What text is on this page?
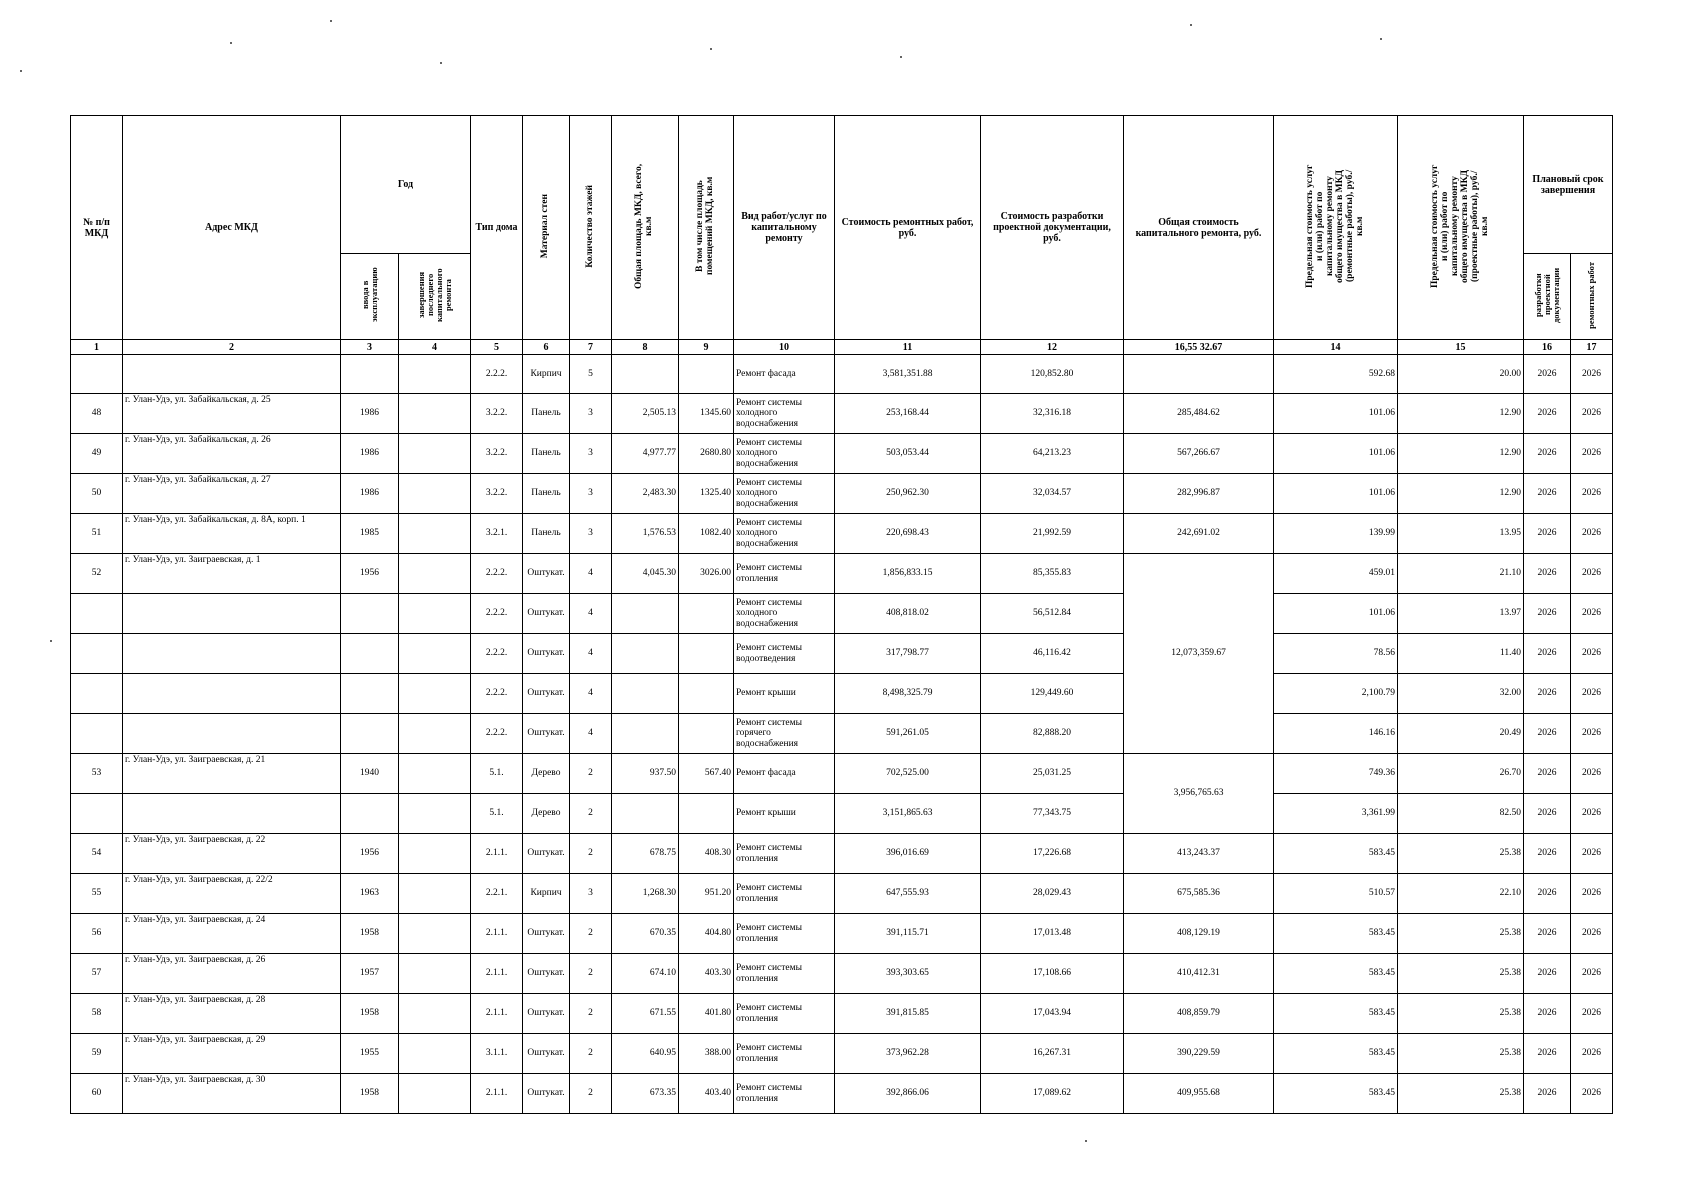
№ п/п МКД	Адрес МКД	Год		Тип дома	Материал стен	Количество этажей	Общая площадь МКД, всего, кв.м	В том числе площадь помещений МКД, кв.м	Вид работ/услуг по капитальному ремонту	Стоимость ремонтных работ, руб.	Стоимость разработки проектной документации, руб.	Общая стоимость капитального ремонта, руб.	Предельная стоимость услуг и (или) работ по капитальному ремонту общего имущества в МКД (ремонтные работы), руб./кв.м	Предельная стоимость услуг и (или) работ по капитальному ремонту общего имущества в МКД (проектные работы), руб./кв.м	Плановый срок завершения	
		ввода в эксплуатацию	завершения последнего капитального ремонта												разработки проектной документации	ремонтных работ
1	2	3	4	5	6	7	8	9	10	11	12	16,55 32.67	14	15	16	17
				2.2.2.	Кирпич	5			Ремонт фасада	3,581,351.88	120,852.80		592.68	20.00	2026	2026
48	г. Улан-Удэ, ул. Забайкальская, д. 25	1986		3.2.2.	Панель	3	2,505.13	1345.60	Ремонт системы холодного водоснабжения	253,168.44	32,316.18	285,484.62	101.06	12.90	2026	2026
49	г. Улан-Удэ, ул. Забайкальская, д. 26	1986		3.2.2.	Панель	3	4,977.77	2680.80	Ремонт системы холодного водоснабжения	503,053.44	64,213.23	567,266.67	101.06	12.90	2026	2026
50	г. Улан-Удэ, ул. Забайкальская, д. 27	1986		3.2.2.	Панель	3	2,483.30	1325.40	Ремонт системы холодного водоснабжения	250,962.30	32,034.57	282,996.87	101.06	12.90	2026	2026
51	г. Улан-Удэ, ул. Забайкальская, д. 8А, корп. 1	1985		3.2.1.	Панель	3	1,576.53	1082.40	Ремонт системы холодного водоснабжения	220,698.43	21,992.59	242,691.02	139.99	13.95	2026	2026
52	г. Улан-Удэ, ул. Заиграевская, д. 1	1956		2.2.2.	Оштукат.	4	4,045.30	3026.00	Ремонт системы отопления	1,856,833.15	85,355.83	12,073,359.67	459.01	21.10	2026	2026
				2.2.2.	Оштукат.	4			Ремонт системы холодного водоснабжения	408,818.02	56,512.84		101.06	13.97	2026	2026
				2.2.2.	Оштукат.	4			Ремонт системы водоотведения	317,798.77	46,116.42		78.56	11.40	2026	2026
				2.2.2.	Оштукат.	4			Ремонт крыши	8,498,325.79	129,449.60		2,100.79	32.00	2026	2026
				2.2.2.	Оштукат.	4			Ремонт системы горячего водоснабжения	591,261.05	82,888.20		146.16	20.49	2026	2026
53	г. Улан-Удэ, ул. Заиграевская, д. 21	1940		5.1.	Дерево	2	937.50	567.40	Ремонт фасада	702,525.00	25,031.25	3,956,765.63	749.36	26.70	2026	2026
				5.1.	Дерево	2			Ремонт крыши	3,151,865.63	77,343.75		3,361.99	82.50	2026	2026
54	г. Улан-Удэ, ул. Заиграевская, д. 22	1956		2.1.1.	Оштукат.	2	678.75	408.30	Ремонт системы отопления	396,016.69	17,226.68	413,243.37	583.45	25.38	2026	2026
55	г. Улан-Удэ, ул. Заиграевская, д. 22/2	1963		2.2.1.	Кирпич	3	1,268.30	951.20	Ремонт системы отопления	647,555.93	28,029.43	675,585.36	510.57	22.10	2026	2026
56	г. Улан-Удэ, ул. Заиграевская, д. 24	1958		2.1.1.	Оштукат.	2	670.35	404.80	Ремонт системы отопления	391,115.71	17,013.48	408,129.19	583.45	25.38	2026	2026
57	г. Улан-Удэ, ул. Заиграевская, д. 26	1957		2.1.1.	Оштукат.	2	674.10	403.30	Ремонт системы отопления	393,303.65	17,108.66	410,412.31	583.45	25.38	2026	2026
58	г. Улан-Удэ, ул. Заиграевская, д. 28	1958		2.1.1.	Оштукат.	2	671.55	401.80	Ремонт системы отопления	391,815.85	17,043.94	408,859.79	583.45	25.38	2026	2026
59	г. Улан-Удэ, ул. Заиграевская, д. 29	1955		3.1.1.	Оштукат.	2	640.95	388.00	Ремонт системы отопления	373,962.28	16,267.31	390,229.59	583.45	25.38	2026	2026
60	г. Улан-Удэ, ул. Заиграевская, д. 30	1958		2.1.1.	Оштукат.	2	673.35	403.40	Ремонт системы отопления	392,866.06	17,089.62	409,955.68	583.45	25.38	2026	2026
